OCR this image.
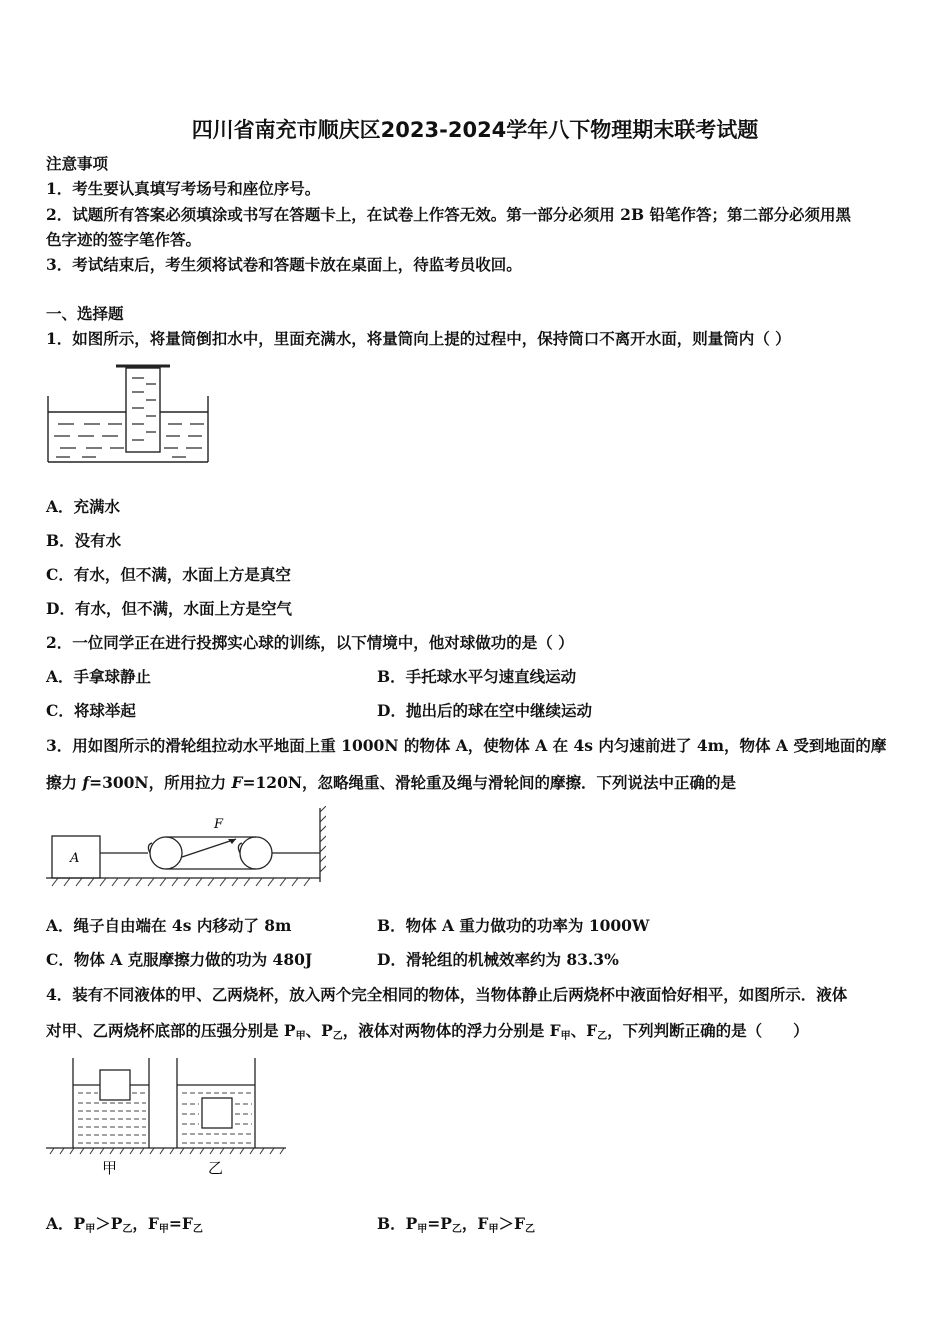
四川省南充市顺庆区2023-2024学年八下物理期末联考试题
注意事项
1．考生要认真填写考场号和座位序号。
2．试题所有答案必须填涂或书写在答题卡上，在试卷上作答无效。第一部分必须用 2B 铅笔作答；第二部分必须用黑
色字迹的签字笔作答。
3．考试结束后，考生须将试卷和答题卡放在桌面上，待监考员收回。
一、选择题
1．如图所示，将量筒倒扣水中，里面充满水，将量筒向上提的过程中，保持筒口不离开水面，则量筒内（ ）
A．充满水
B．没有水
C．有水，但不满，水面上方是真空
D．有水，但不满，水面上方是空气
2．一位同学正在进行投掷实心球的训练，以下情境中，他对球做功的是（ ）
A．手拿球静止	B．手托球水平匀速直线运动
C．将球举起	D．抛出后的球在空中继续运动
3．用如图所示的滑轮组拉动水平地面上重 1000N 的物体 A，使物体 A 在 4s 内匀速前进了 4m，物体 A 受到地面的摩
擦力 f=300N，所用拉力 F=120N，忽略绳重、滑轮重及绳与滑轮间的摩擦．下列说法中正确的是
A
F
A．绳子自由端在 4s 内移动了 8m	B．物体 A 重力做功的功率为 1000W
C．物体 A 克服摩擦力做的功为 480J	D．滑轮组的机械效率约为 83.3%
4．装有不同液体的甲、乙两烧杯，放入两个完全相同的物体，当物体静止后两烧杯中液面恰好相平，如图所示．液体
对甲、乙两烧杯底部的压强分别是 $P_甲$、$P_乙$，液体对两物体的浮力分别是 $F_甲$、$F_乙$，下列判断正确的是（　　）
甲	乙
A．$P_甲>P_乙$，$F_甲=F_乙$	B．$P_甲=P_乙$，$F_甲>F_乙$
